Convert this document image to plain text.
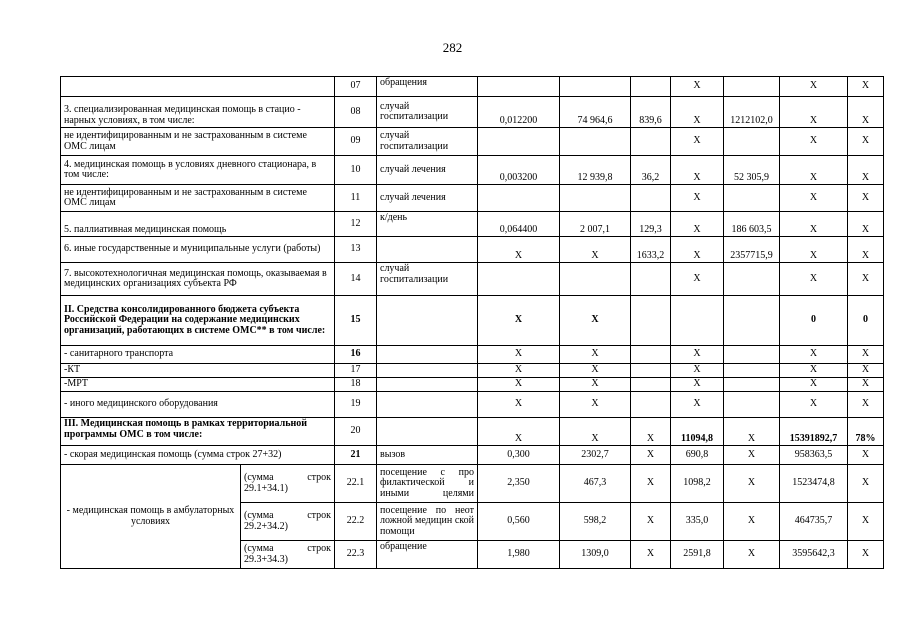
282
		07	обращения				X		X	X
3. специализированная медицинская помощь в стацио - нарных условиях, в том числе:		08	случай госпитализации	0,012200	74 964,6	839,6	X	1212102,0	X	X
не идентифицированным и не застрахованным в системе ОМС лицам		09	случай госпитализации				X		X	X
4. медицинская помощь в условиях дневного стационара, в том числе:		10	случай лечения	0,003200	12 939,8	36,2	X	52 305,9	X	X
не идентифицированным и не застрахованным в системе ОМС лицам		11	случай лечения				X		X	X
5. паллиативная медицинская помощь		12	к/день	0,064400	2 007,1	129,3	X	186 603,5	X	X
6. иные государственные и муниципальные услуги (работы)		13		X	X	1633,2	X	2357715,9	X	X
7. высокотехнологичная медицинская помощь, оказываемая в медицинских организациях субъекта РФ		14	случай госпитализации				X		X	X
II. Средства консолидированного бюджета субъекта Российской Федерации на содержание медицинских организаций, работающих в системе ОМС** в том числе:		15		X	X				0	0
- санитарного транспорта		16		X	X		X		X	X
-КТ		17		X	X		X		X	X
-МРТ		18		X	X		X		X	X
- иного медицинского оборудования		19		X	X		X		X	X
III. Медицинская помощь в рамках территориальной программы ОМС в том числе:		20		X	X	X	11094,8	X	15391892,7	78%
- скорая медицинская помощь (сумма строк 27+32)		21	вызов	0,300	2302,7	X	690,8	X	958363,5	X
- медицинская помощь в амбулаторных условиях	(сумма строк 29.1+34.1)	22.1	посещение с про филактической и иными целями	2,350	467,3	X	1098,2	X	1523474,8	X
	(сумма строк 29.2+34.2)	22.2	посещение по неот ложной медицин ской помощи	0,560	598,2	X	335,0	X	464735,7	X
	(сумма строк 29.3+34.3)	22.3	обращение	1,980	1309,0	X	2591,8	X	3595642,3	X
